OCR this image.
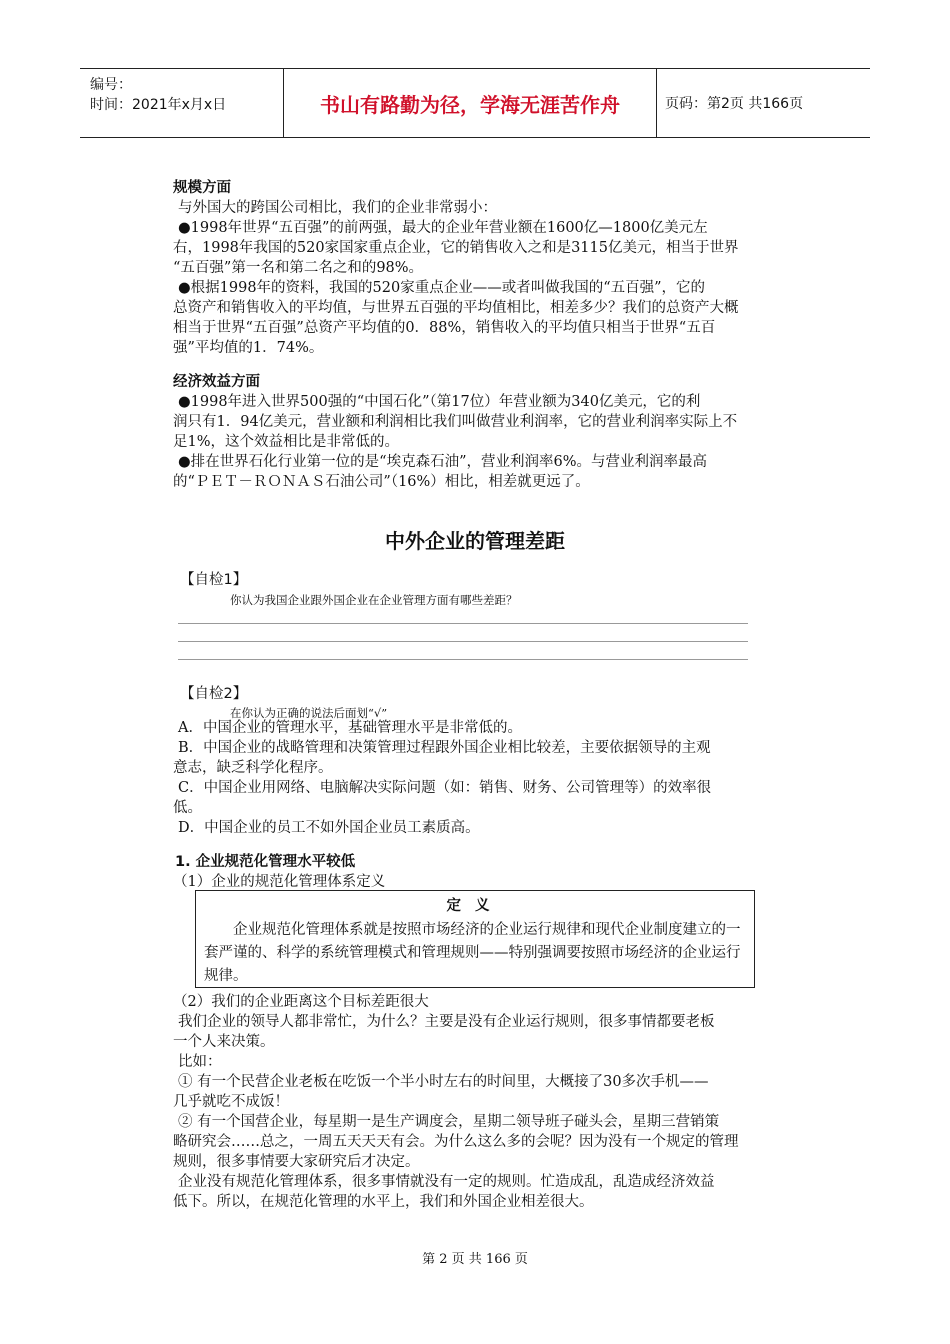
编号：
时间：2021年x月x日	书山有路勤为径，学海无涯苦作舟	页码：第2页 共166页
规模方面
与外国大的跨国公司相比，我们的企业非常弱小：
●1998年世界“五百强”的前两强，最大的企业年营业额在1600亿—1800亿美元左
右，1998年我国的520家国家重点企业，它的销售收入之和是3115亿美元，相当于世界
“五百强”第一名和第二名之和的98%。
●根据1998年的资料，我国的520家重点企业——或者叫做我国的“五百强”，它的
总资产和销售收入的平均值，与世界五百强的平均值相比，相差多少？我们的总资产大概
相当于世界“五百强”总资产平均值的0．88%，销售收入的平均值只相当于世界“五百
强”平均值的1．74%。
经济效益方面
●1998年进入世界500强的“中国石化”（第17位）年营业额为340亿美元，它的利
润只有1．94亿美元，营业额和利润相比我们叫做营业利润率，它的营业利润率实际上不
足1%，这个效益相比是非常低的。
●排在世界石化行业第一位的是“埃克森石油”，营业利润率6%。与营业利润率最高
的“ＰＥＴ－ＲＯＮＡＳ石油公司”（16%）相比，相差就更远了。
中外企业的管理差距
【自检1】
你认为我国企业跟外国企业在企业管理方面有哪些差距？
【自检2】
在你认为正确的说法后面划“√”
A．中国企业的管理水平，基础管理水平是非常低的。
B．中国企业的战略管理和决策管理过程跟外国企业相比较差，主要依据领导的主观
意志，缺乏科学化程序。
C．中国企业用网络、电脑解决实际问题（如：销售、财务、公司管理等）的效率很
低。
D．中国企业的员工不如外国企业员工素质高。
1. 企业规范化管理水平较低
（1）企业的规范化管理体系定义
定义
企业规范化管理体系就是按照市场经济的企业运行规律和现代企业制度建立的一套严谨的、科学的系统管理模式和管理规则——特别强调要按照市场经济的企业运行规律。
（2）我们的企业距离这个目标差距很大
我们企业的领导人都非常忙，为什么？主要是没有企业运行规则，很多事情都要老板
一个人来决策。
比如：
① 有一个民营企业老板在吃饭一个半小时左右的时间里，大概接了30多次手机——
几乎就吃不成饭！
② 有一个国营企业，每星期一是生产调度会，星期二领导班子碰头会，星期三营销策
略研究会……总之，一周五天天天有会。为什么这么多的会呢？因为没有一个规定的管理
规则，很多事情要大家研究后才决定。
企业没有规范化管理体系，很多事情就没有一定的规则。忙造成乱，乱造成经济效益
低下。所以，在规范化管理的水平上，我们和外国企业相差很大。
第 2 页 共 166 页
